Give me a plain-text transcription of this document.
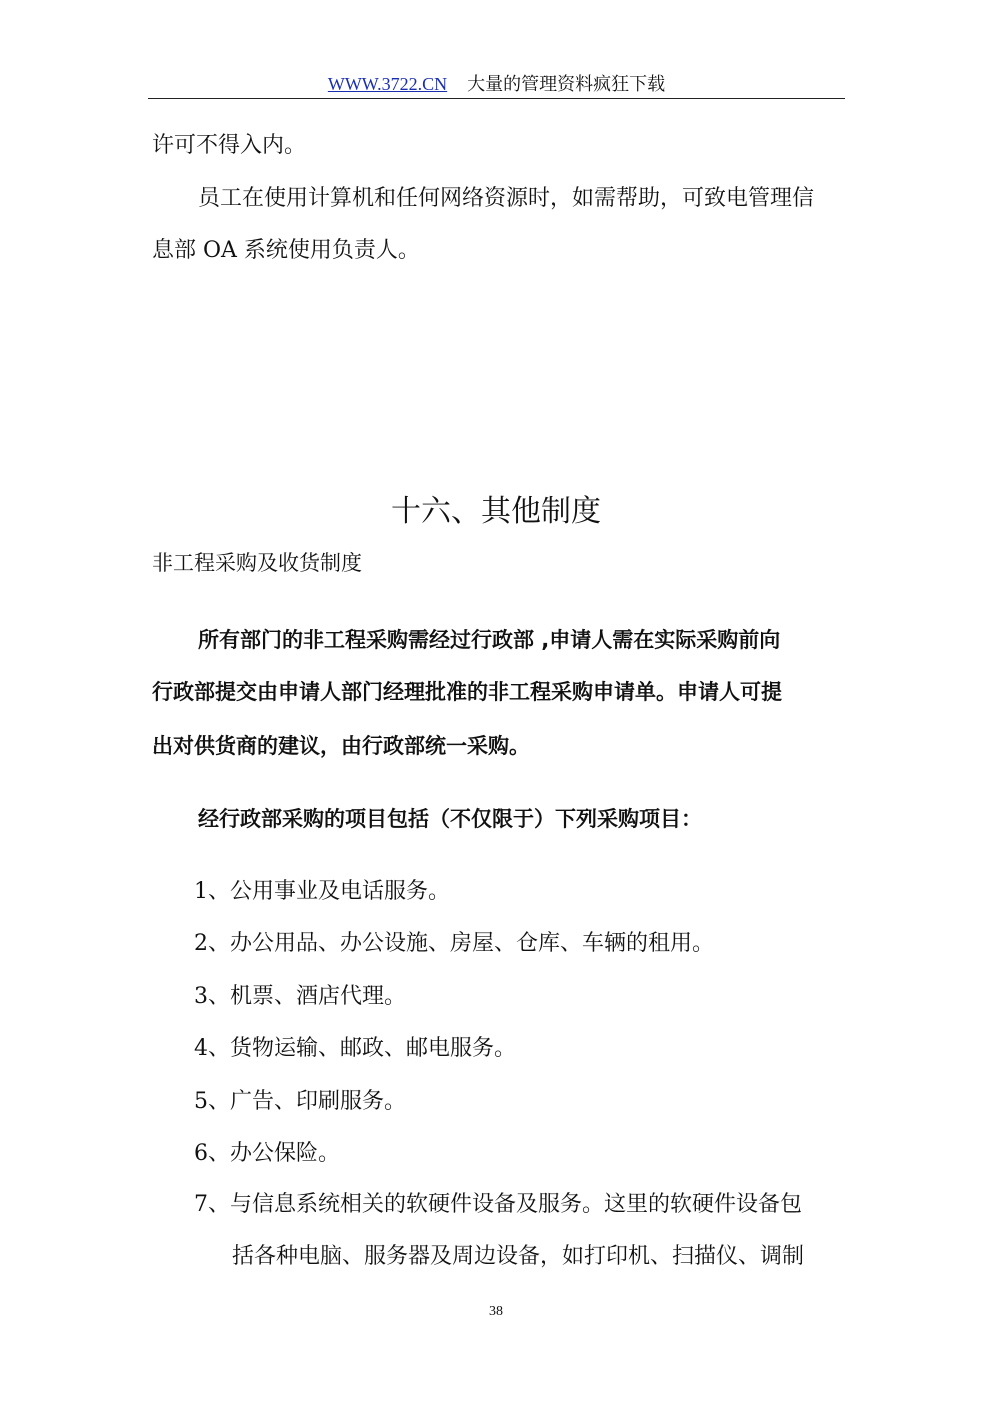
WWW.3722.CN 大量的管理资料疯狂下载
许可不得入内。
员工在使用计算机和任何网络资源时，如需帮助，可致电管理信
息部 OA 系统使用负责人。
十六、其他制度
非工程采购及收货制度
所有部门的非工程采购需经过行政部 ,申请人需在实际采购前向
行政部提交由申请人部门经理批准的非工程采购申请单。申请人可提
出对供货商的建议，由行政部统一采购。
经行政部采购的项目包括（不仅限于）下列采购项目：
1、公用事业及电话服务。
2、办公用品、办公设施、房屋、仓库、车辆的租用。
3、机票、酒店代理。
4、货物运输、邮政、邮电服务。
5、广告、印刷服务。
6、办公保险。
7、与信息系统相关的软硬件设备及服务。这里的软硬件设备包
括各种电脑、服务器及周边设备，如打印机、扫描仪、调制
38
